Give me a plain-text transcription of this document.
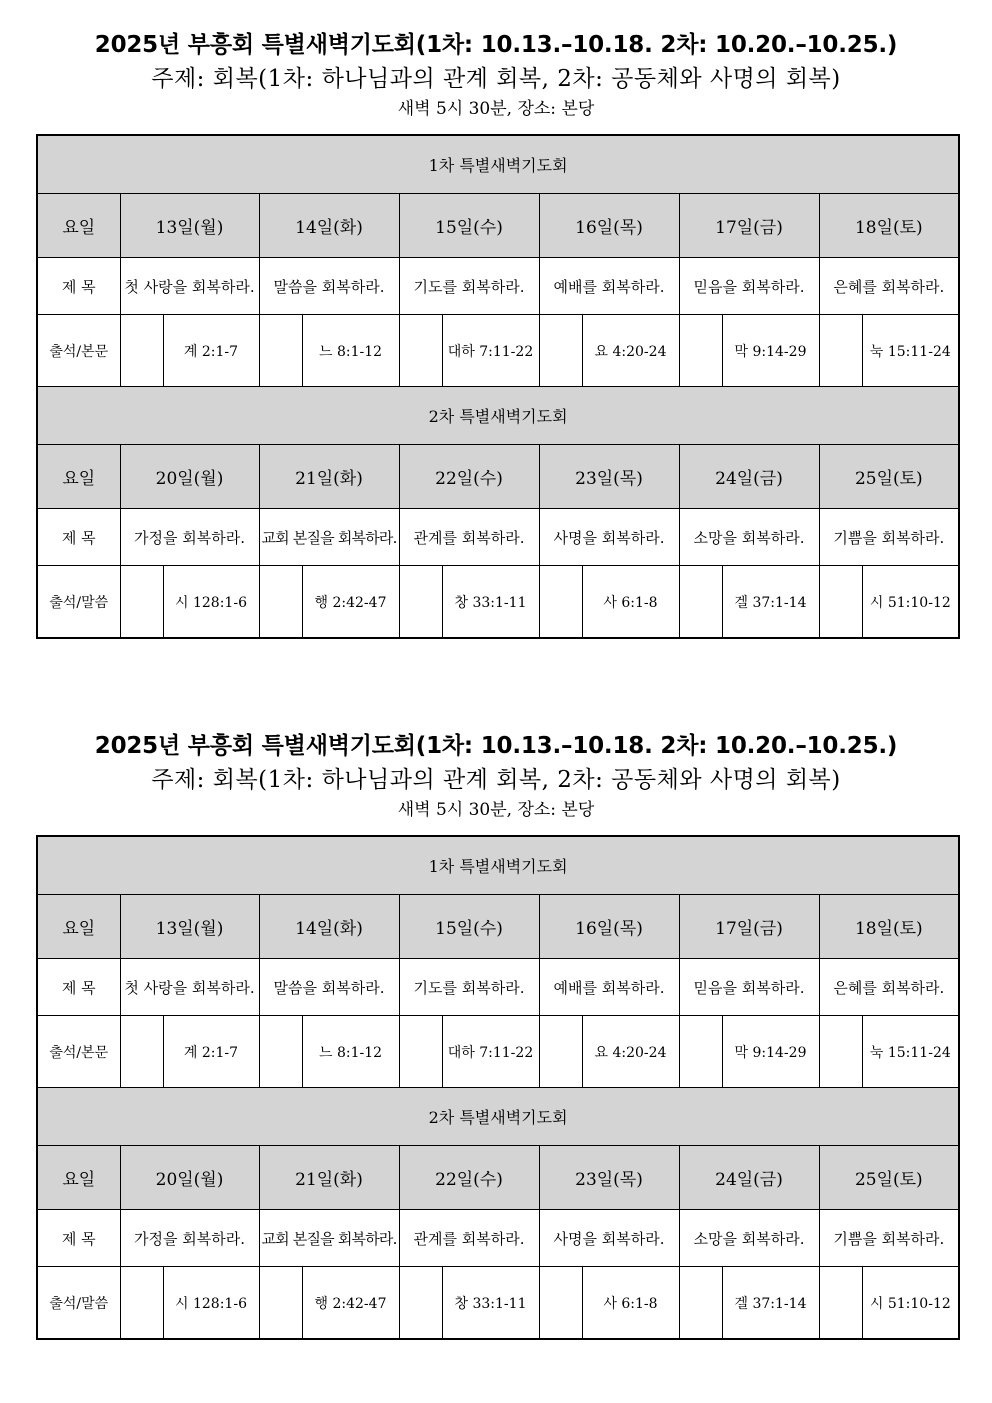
2025년 부흥회 특별새벽기도회(1차: 10.13.–10.18. 2차: 10.20.–10.25.)
주제: 회복(1차: 하나님과의 관계 회복, 2차: 공동체와 사명의 회복)
새벽 5시 30분, 장소: 본당
1차 특별새벽기도회												
요일	13일(월)		14일(화)		15일(수)		16일(목)		17일(금)		18일(토)	
제 목	첫 사랑을 회복하라.		말씀을 회복하라.		기도를 회복하라.		예배를 회복하라.		믿음을 회복하라.		은혜를 회복하라.	
출석/본문		계 2:1-7		느 8:1-12		대하 7:11-22		요 4:20-24		막 9:14-29		눅 15:11-24
2차 특별새벽기도회												
요일	20일(월)		21일(화)		22일(수)		23일(목)		24일(금)		25일(토)	
제 목	가정을 회복하라.		교회 본질을 회복하라.		관계를 회복하라.		사명을 회복하라.		소망을 회복하라.		기쁨을 회복하라.	
출석/말씀		시 128:1-6		행 2:42-47		창 33:1-11		사 6:1-8		겔 37:1-14		시 51:10-12
2025년 부흥회 특별새벽기도회(1차: 10.13.–10.18. 2차: 10.20.–10.25.)
주제: 회복(1차: 하나님과의 관계 회복, 2차: 공동체와 사명의 회복)
새벽 5시 30분, 장소: 본당
1차 특별새벽기도회												
요일	13일(월)		14일(화)		15일(수)		16일(목)		17일(금)		18일(토)	
제 목	첫 사랑을 회복하라.		말씀을 회복하라.		기도를 회복하라.		예배를 회복하라.		믿음을 회복하라.		은혜를 회복하라.	
출석/본문		계 2:1-7		느 8:1-12		대하 7:11-22		요 4:20-24		막 9:14-29		눅 15:11-24
2차 특별새벽기도회												
요일	20일(월)		21일(화)		22일(수)		23일(목)		24일(금)		25일(토)	
제 목	가정을 회복하라.		교회 본질을 회복하라.		관계를 회복하라.		사명을 회복하라.		소망을 회복하라.		기쁨을 회복하라.	
출석/말씀		시 128:1-6		행 2:42-47		창 33:1-11		사 6:1-8		겔 37:1-14		시 51:10-12
